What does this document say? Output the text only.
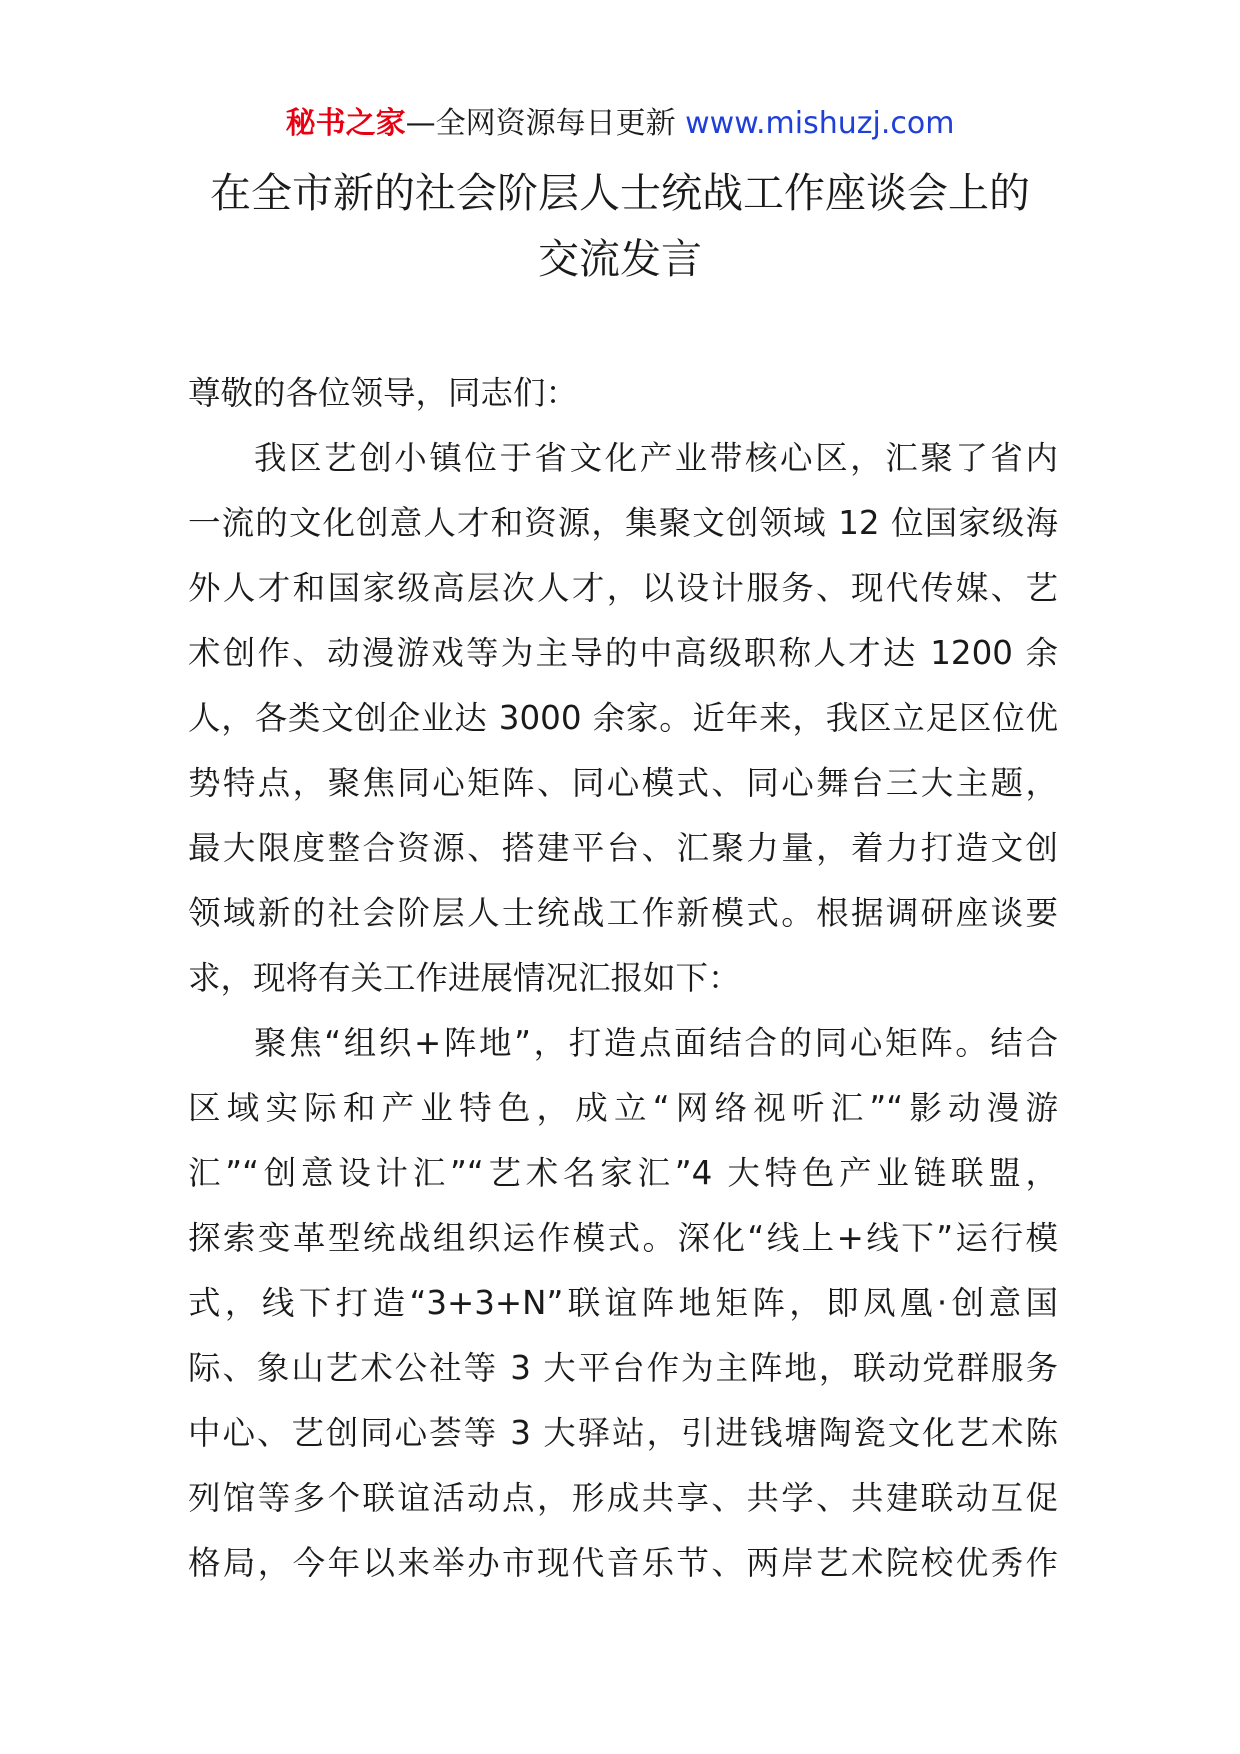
秘书之家—全网资源每日更新 www.mishuzj.com
在全市新的社会阶层人士统战工作座谈会上的
交流发言
尊敬的各位领导，同志们：
我区艺创小镇位于省文化产业带核心区，汇聚了省内
一流的文化创意人才和资源，集聚文创领域 12 位国家级海
外人才和国家级高层次人才，以设计服务、现代传媒、艺
术创作、动漫游戏等为主导的中高级职称人才达 1200 余
人，各类文创企业达 3000 余家。近年来，我区立足区位优
势特点，聚焦同心矩阵、同心模式、同心舞台三大主题，
最大限度整合资源、搭建平台、汇聚力量，着力打造文创
领域新的社会阶层人士统战工作新模式。根据调研座谈要
求，现将有关工作进展情况汇报如下：
聚焦“组织+阵地”，打造点面结合的同心矩阵。结合
区域实际和产业特色，成立“网络视听汇”“影动漫游
汇”“创意设计汇”“艺术名家汇”4 大特色产业链联盟，
探索变革型统战组织运作模式。深化“线上+线下”运行模
式，线下打造“3+3+N”联谊阵地矩阵，即凤凰·创意国
际、象山艺术公社等 3 大平台作为主阵地，联动党群服务
中心、艺创同心荟等 3 大驿站，引进钱塘陶瓷文化艺术陈
列馆等多个联谊活动点，形成共享、共学、共建联动互促
格局，今年以来举办市现代音乐节、两岸艺术院校优秀作
